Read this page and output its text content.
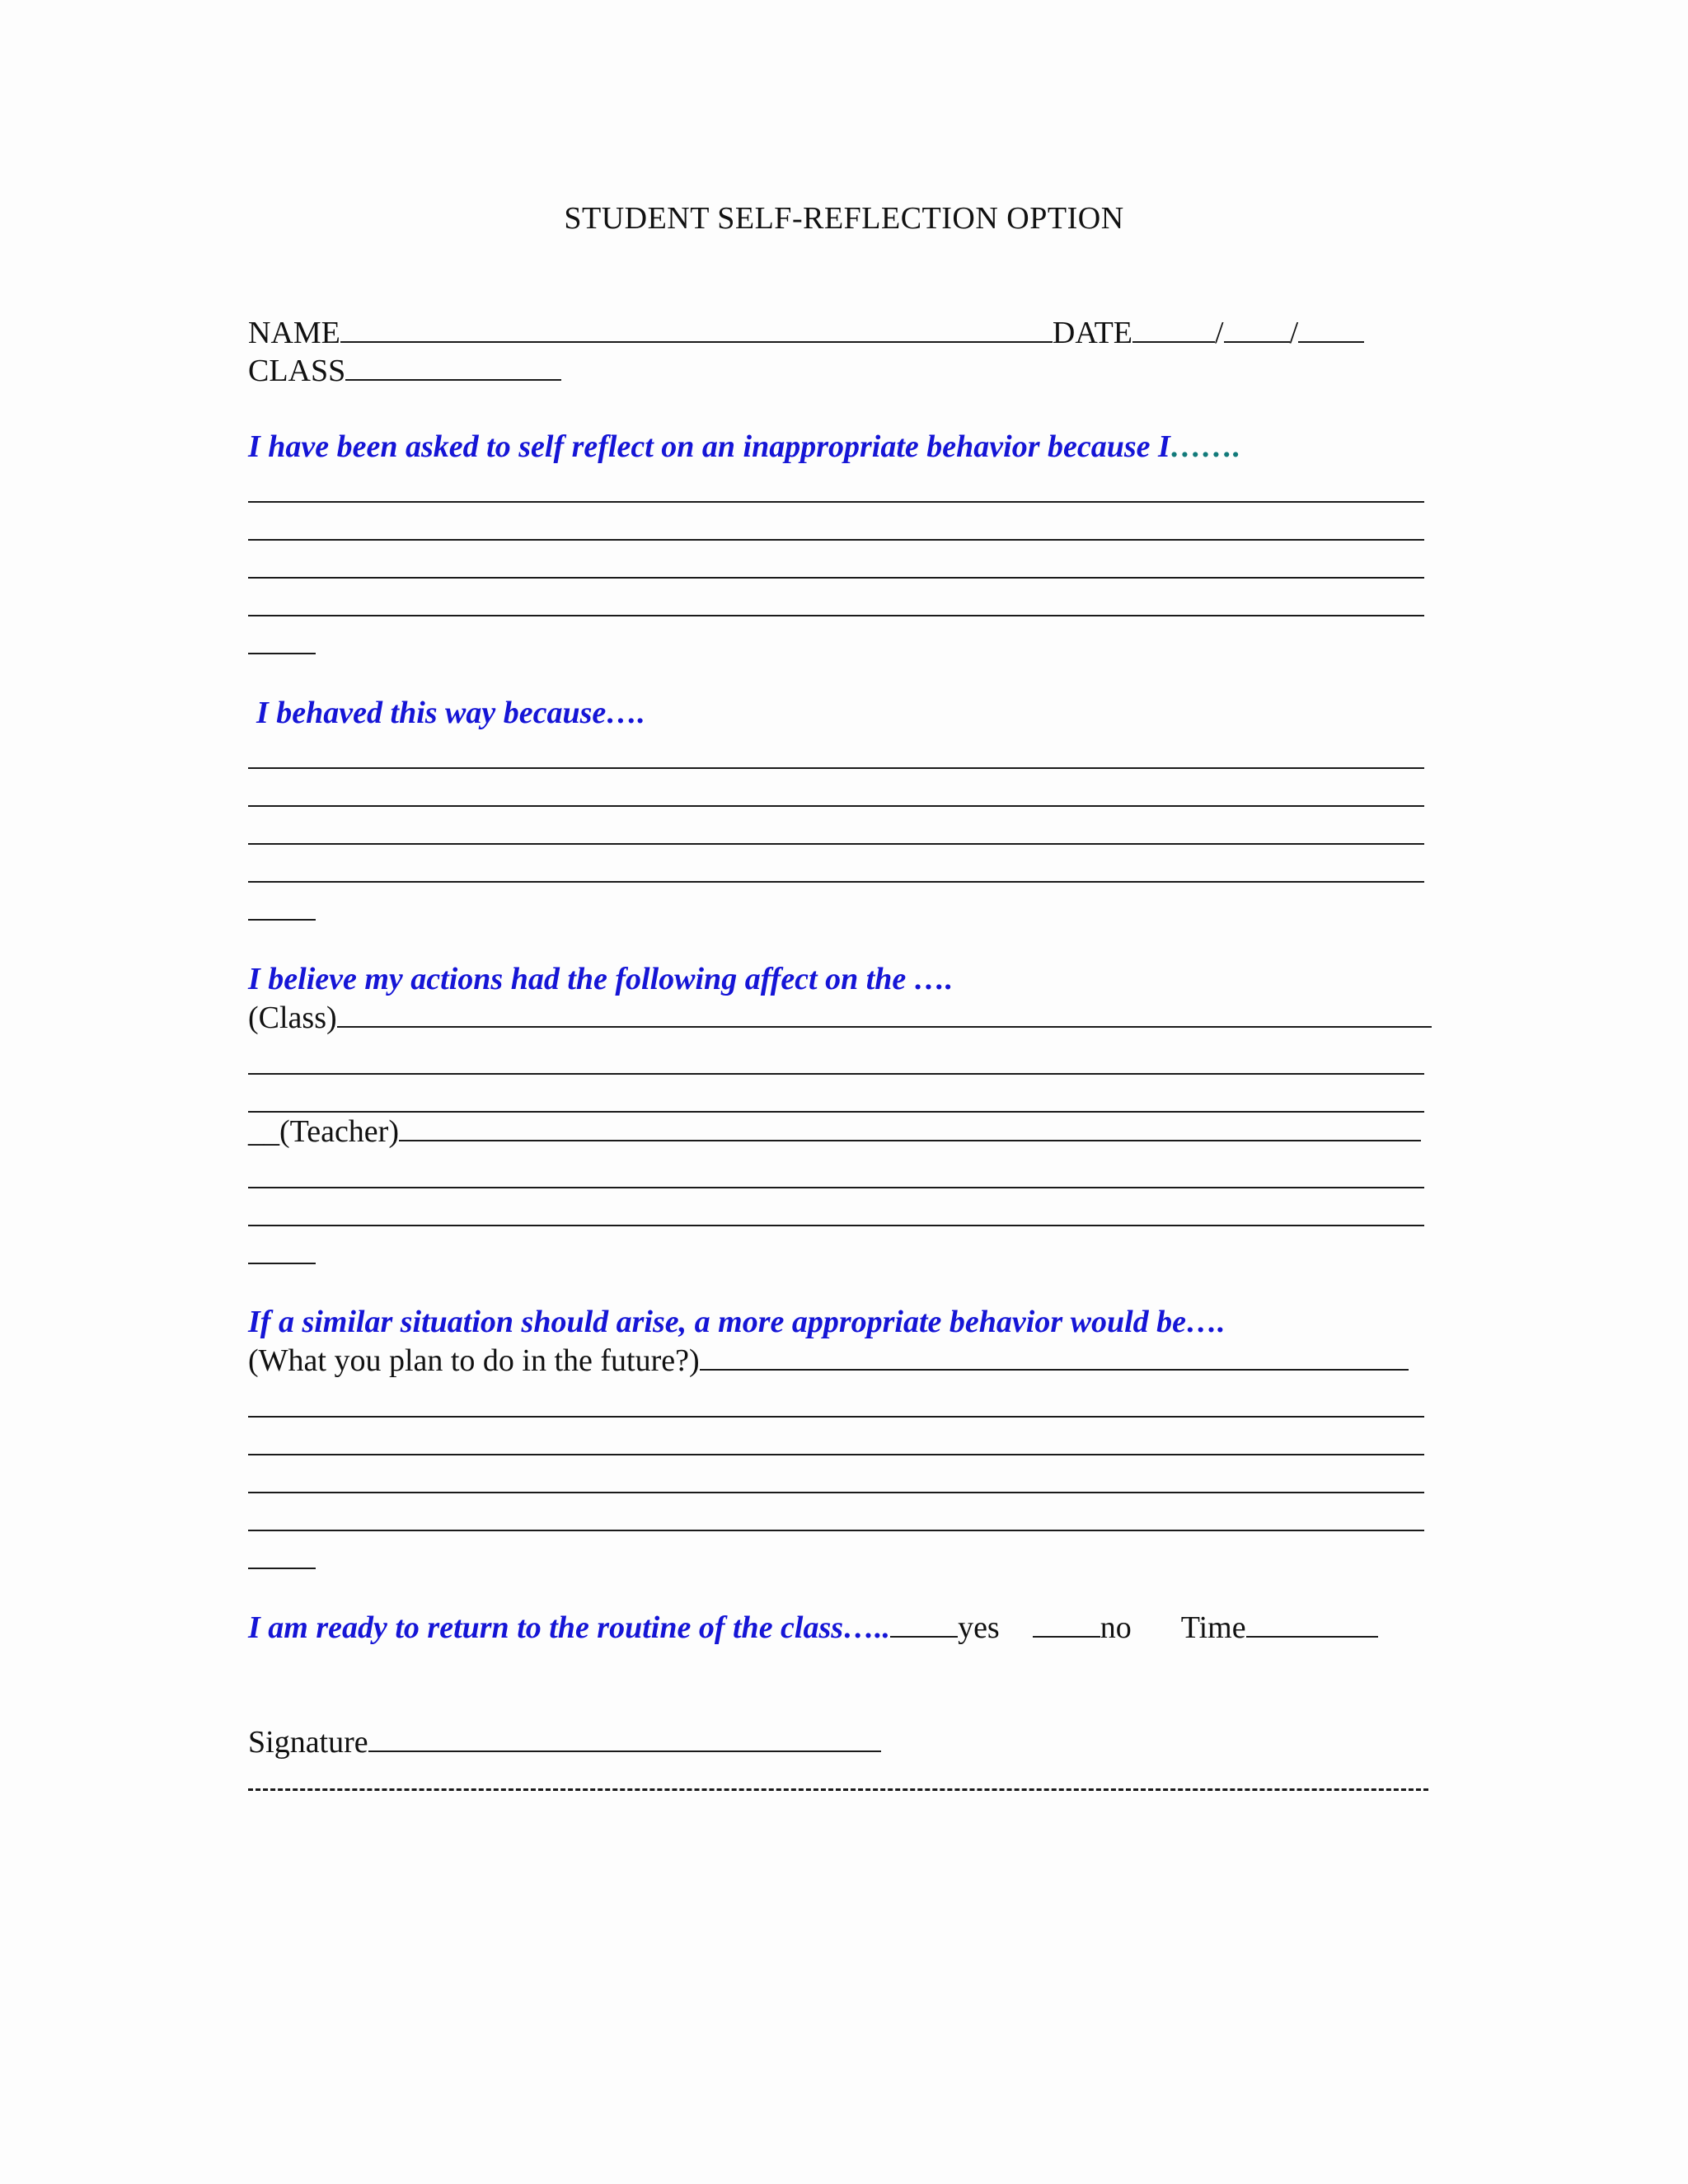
STUDENT SELF-REFLECTION OPTION
NAME	DATE	/ /
CLASS
I have been asked to self reflect on an inappropriate behavior because I…….
I behaved this way because….
I believe my actions had the following affect on the ….
(Class)
__(Teacher)
If a similar situation should arise, a more appropriate behavior would be….
(What you plan to do in the future?)
I am ready to return to the routine of the class….. yes	no Time
Signature
